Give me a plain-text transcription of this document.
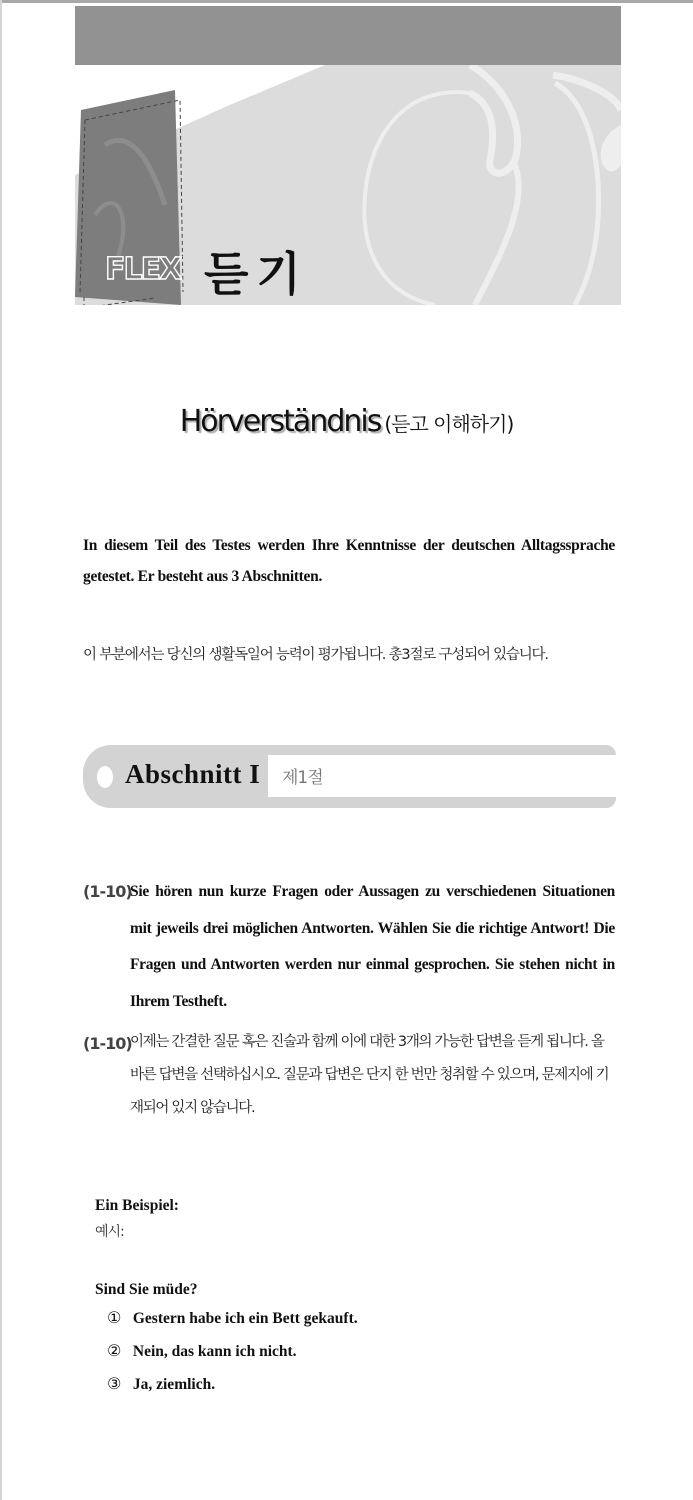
FLEX 듣기
Hörverständnis (듣고 이해하기)
In diesem Teil des Testes werden Ihre Kenntnisse der deutschen Alltagssprache getestet. Er besteht aus 3 Abschnitten.
이 부분에서는 당신의 생활독일어 능력이 평가됩니다. 총3절로 구성되어 있습니다.
Abschnitt I 제1절
(1-10)
Sie hören nun kurze Fragen oder Aussagen zu verschiedenen Situationen mit jeweils drei möglichen Antworten. Wählen Sie die richtige Antwort! Die Fragen und Antworten werden nur einmal gesprochen. Sie stehen nicht in Ihrem Testheft.
(1-10)
이제는 간결한 질문 혹은 진술과 함께 이에 대한 3개의 가능한 답변을 듣게 됩니다. 올바른 답변을 선택하십시오. 질문과 답변은 단지 한 번만 청취할 수 있으며, 문제지에 기재되어 있지 않습니다.
Ein Beispiel:
예시:
Sind Sie müde?
① Gestern habe ich ein Bett gekauft.
② Nein, das kann ich nicht.
③ Ja, ziemlich.
